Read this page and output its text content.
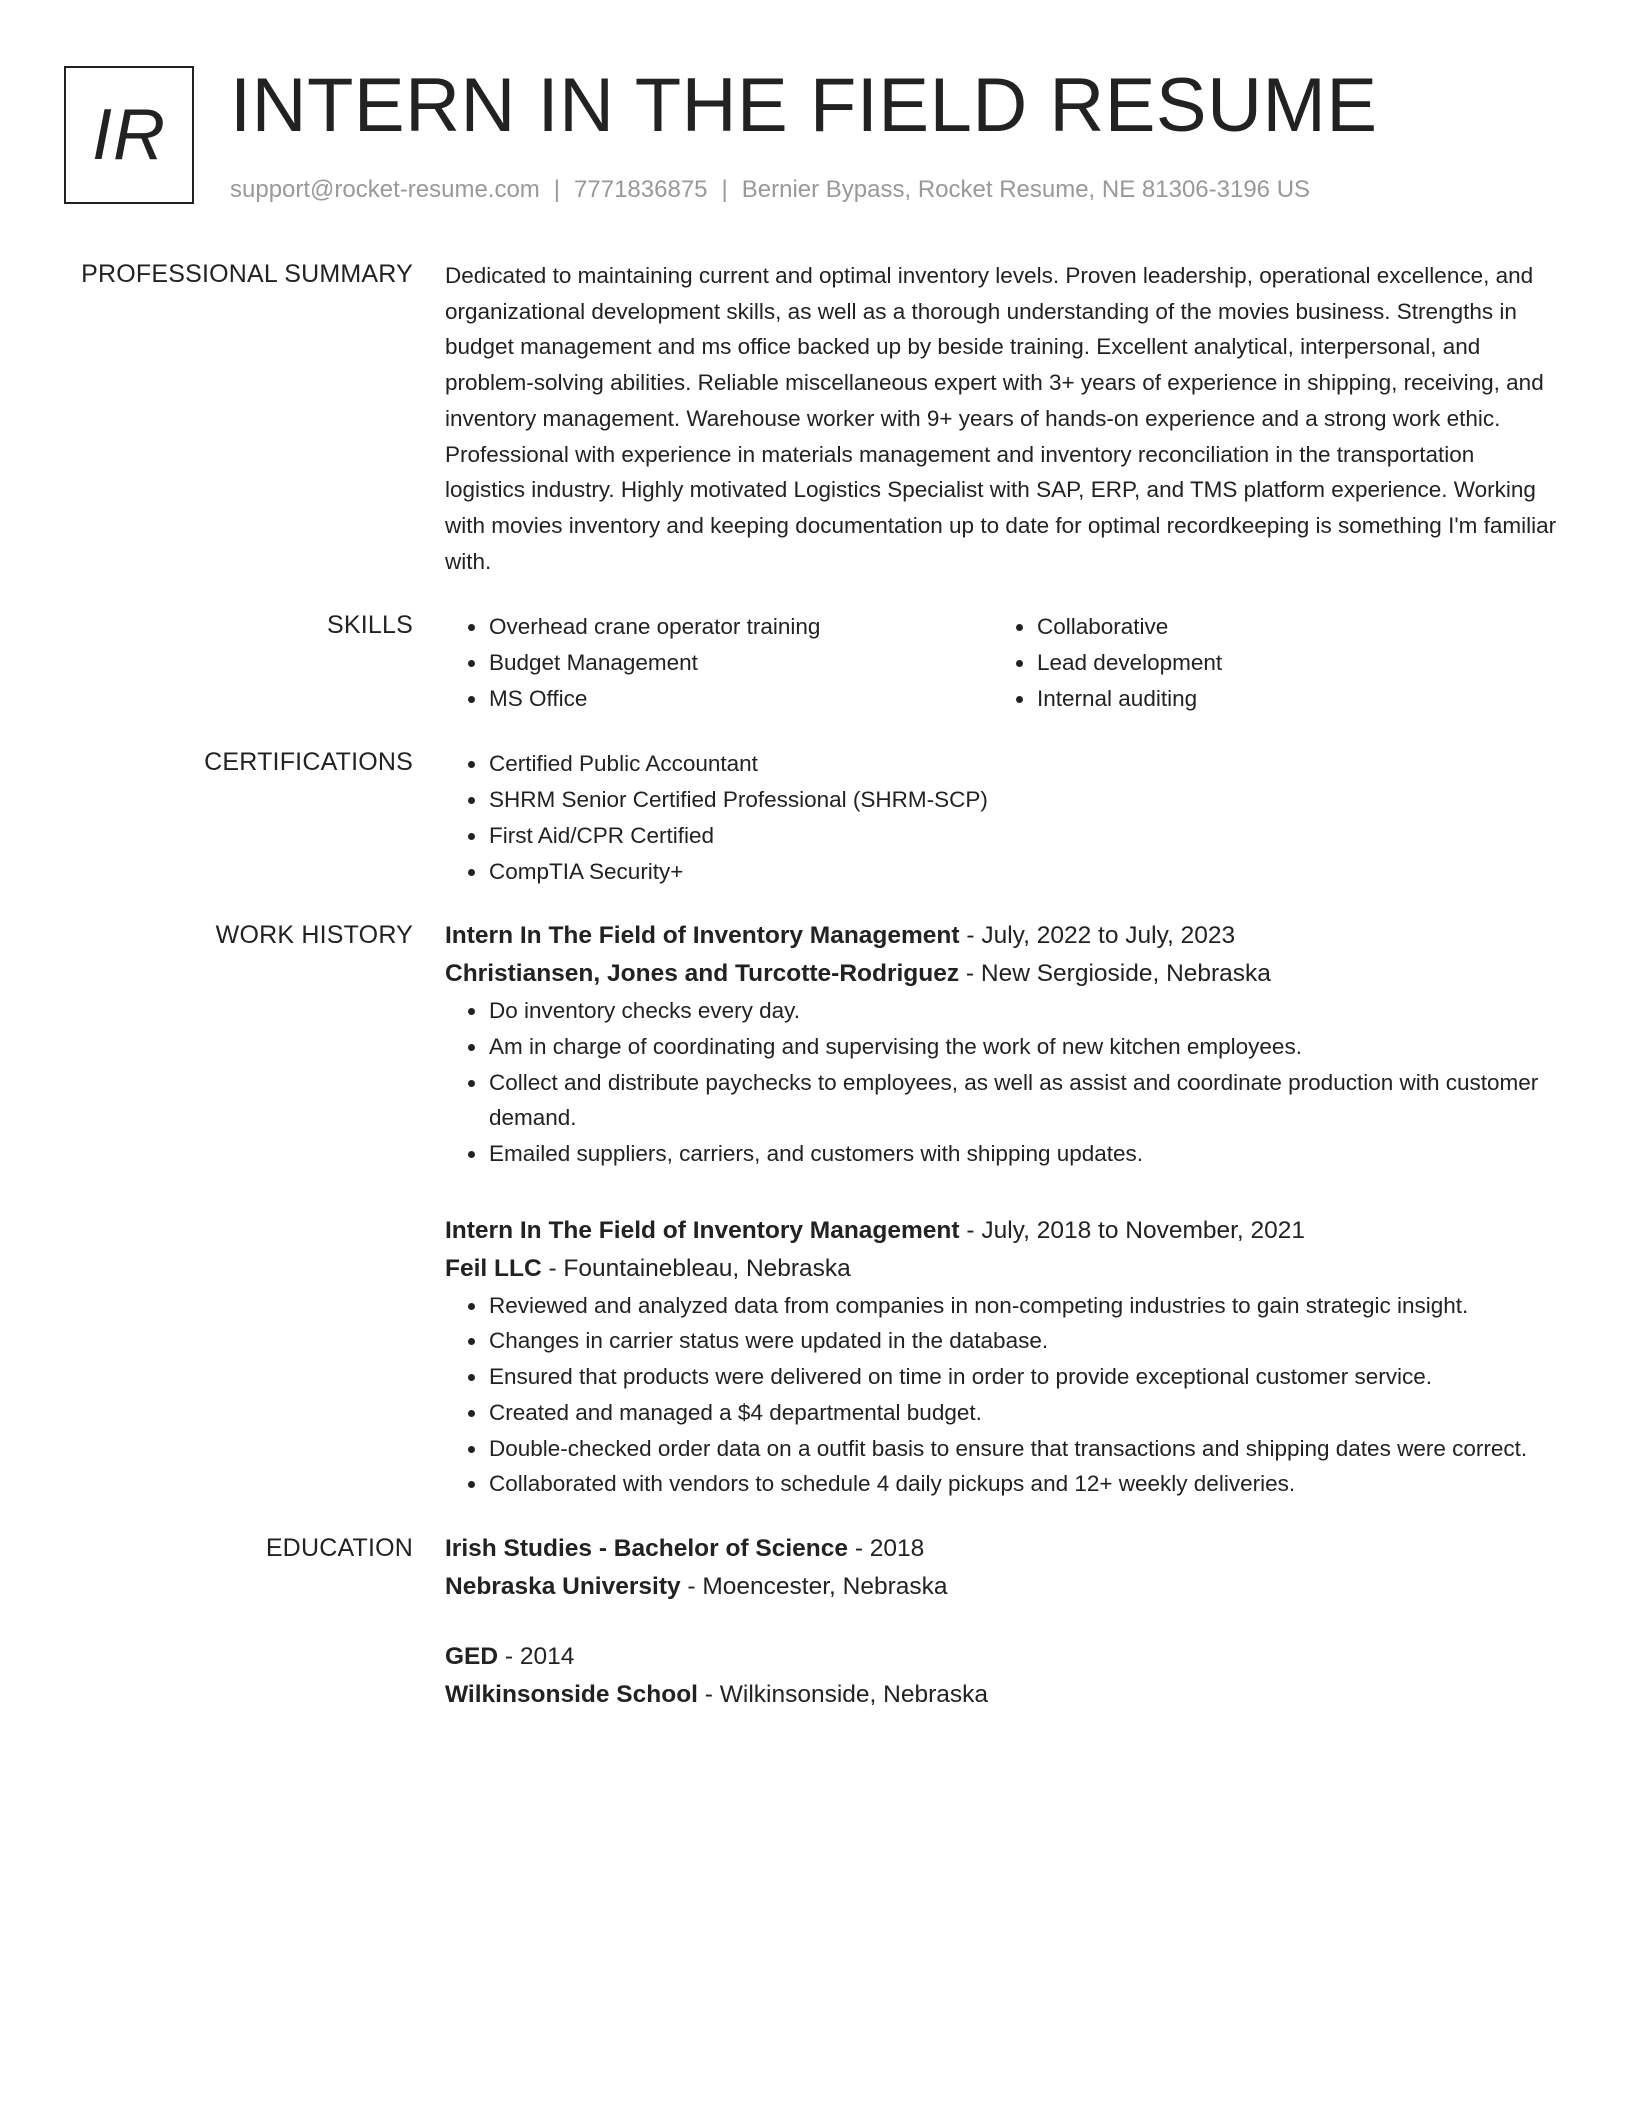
IR INTERN IN THE FIELD RESUME
support@rocket-resume.com | 7771836875 | Bernier Bypass, Rocket Resume, NE 81306-3196 US
PROFESSIONAL SUMMARY Dedicated to maintaining current and optimal inventory levels. Proven leadership, operational excellence, and organizational development skills, as well as a thorough understanding of the movies business. Strengths in budget management and ms office backed up by beside training. Excellent analytical, interpersonal, and problem-solving abilities. Reliable miscellaneous expert with 3+ years of experience in shipping, receiving, and inventory management. Warehouse worker with 9+ years of hands-on experience and a strong work ethic. Professional with experience in materials management and inventory reconciliation in the transportation logistics industry. Highly motivated Logistics Specialist with SAP, ERP, and TMS platform experience. Working with movies inventory and keeping documentation up to date for optimal recordkeeping is something I'm familiar with.

SKILLS	• Overhead crane operator training
• Budget Management
• MS Office
• Collaborative
• Lead development
• Internal auditing
CERTIFICATIONS	• Certified Public Accountant
• SHRM Senior Certified Professional (SHRM-SCP)
• First Aid/CPR Certified
• CompTIA Security+
WORK HISTORY Intern In The Field of Inventory Management - July, 2022 to July, 2023
Christiansen, Jones and Turcotte-Rodriguez - New Sergioside, Nebraska
• Do inventory checks every day.
• Am in charge of coordinating and supervising the work of new kitchen employees.
• Collect and distribute paychecks to employees, as well as assist and coordinate production with customer demand.
• Emailed suppliers, carriers, and customers with shipping updates.
Intern In The Field of Inventory Management - July, 2018 to November, 2021
Feil LLC - Fountainebleau, Nebraska
• Reviewed and analyzed data from companies in non-competing industries to gain strategic insight.
• Changes in carrier status were updated in the database.
• Ensured that products were delivered on time in order to provide exceptional customer service.
• Created and managed a $4 departmental budget.
• Double-checked order data on a outfit basis to ensure that transactions and shipping dates were correct.
• Collaborated with vendors to schedule 4 daily pickups and 12+ weekly deliveries.
EDUCATION Irish Studies - Bachelor of Science - 2018
Nebraska University - Moencester, Nebraska
GED - 2014
Wilkinsonside School - Wilkinsonside, Nebraska
